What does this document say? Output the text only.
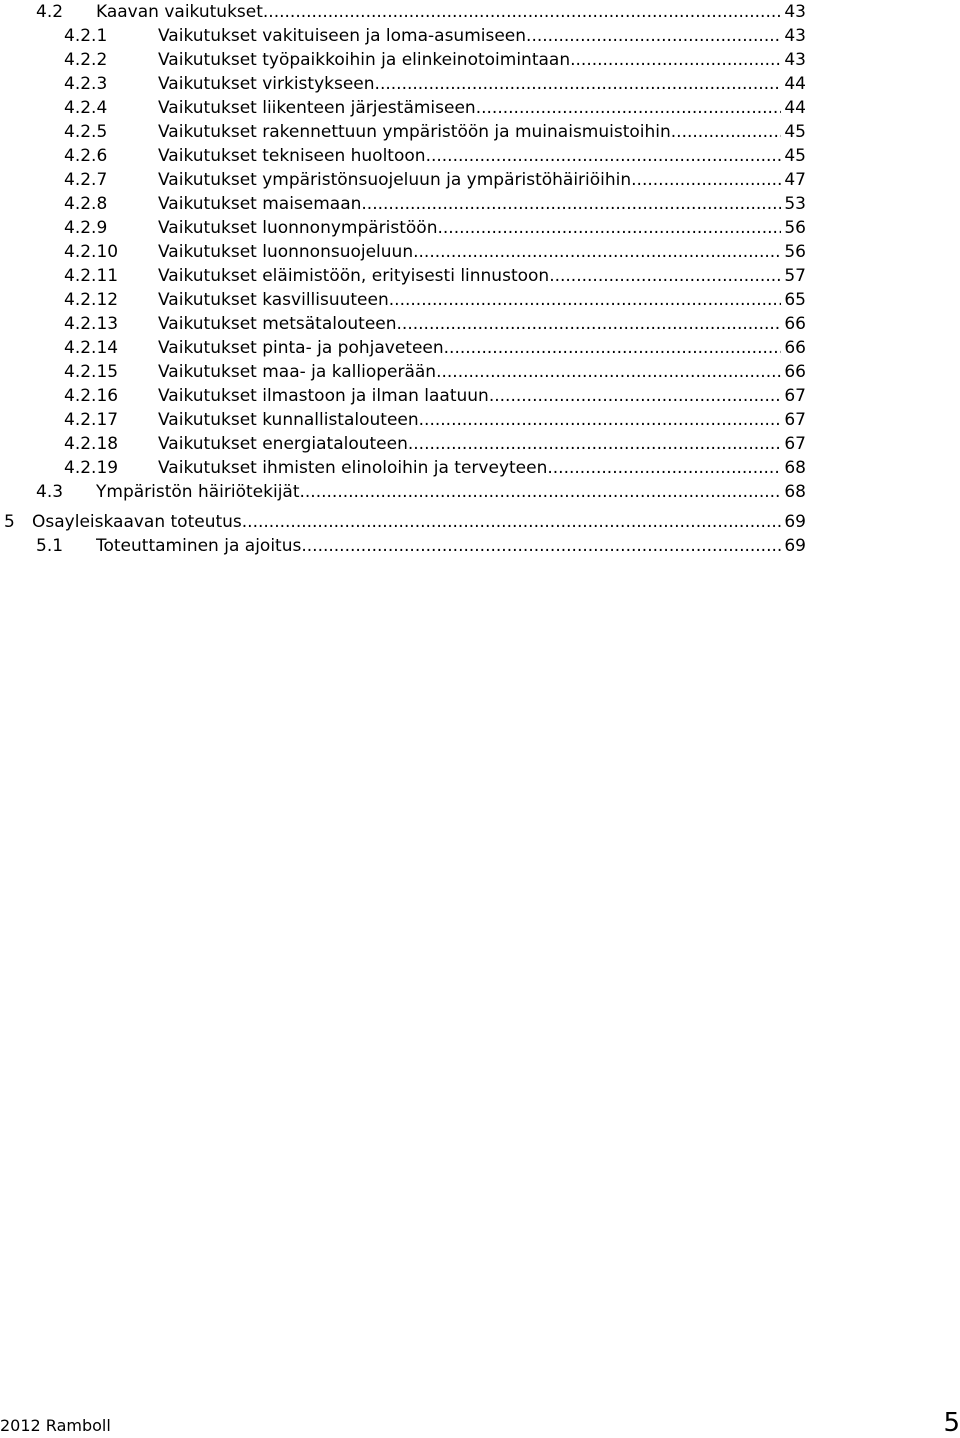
4.2 Kaavan vaikutukset .....	43
4.2.1	Vaikutukset vakituiseen ja loma-asumiseen .....	43
4.2.2	Vaikutukset työpaikkoihin ja elinkeinotoimintaan .....	43
4.2.3	Vaikutukset virkistykseen .....	44
4.2.4	Vaikutukset liikenteen järjestämiseen .....	44
4.2.5	Vaikutukset rakennettuun ympäristöön ja muinaismuistoihin .....	45
4.2.6	Vaikutukset tekniseen huoltoon .....	45
4.2.7	Vaikutukset ympäristönsuojeluun ja ympäristöhäiriöihin .....	47
4.2.8	Vaikutukset maisemaan .....	53
4.2.9	Vaikutukset luonnonympäristöön .....	56
4.2.10 Vaikutukset luonnonsuojeluun .....	56
4.2.11 Vaikutukset eläimistöön, erityisesti linnustoon .....	57
4.2.12 Vaikutukset kasvillisuuteen .....	65
4.2.13 Vaikutukset metsätalouteen .....	66
4.2.14 Vaikutukset pinta- ja pohjaveteen .....	66
4.2.15 Vaikutukset maa- ja kallioperään .....	66
4.2.16 Vaikutukset ilmastoon ja ilman laatuun .....	67
4.2.17 Vaikutukset kunnallistalouteen .....	67
4.2.18 Vaikutukset energiatalouteen .....	67
4.2.19 Vaikutukset ihmisten elinoloihin ja terveyteen .....	68
4.3 Ympäristön häiriötekijät .....	68
5 Osayleiskaavan toteutus .....	69
5.1 Toteuttaminen ja ajoitus .....	69
2012 Ramboll	5
